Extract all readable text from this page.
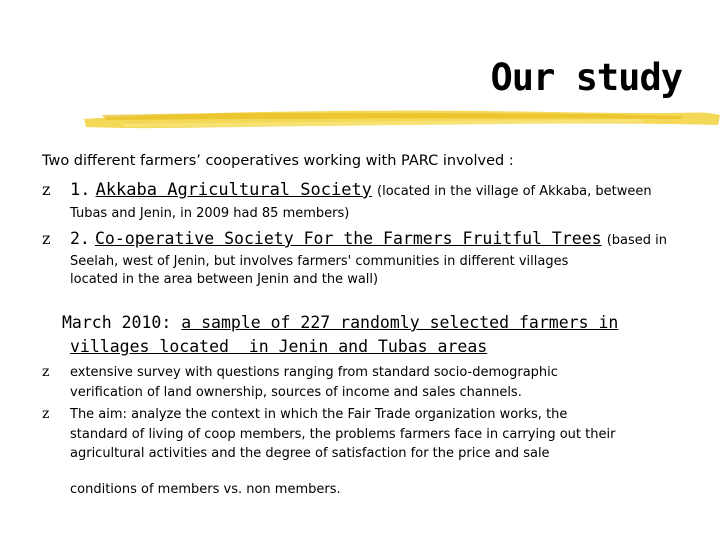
Our study
Two different farmers’ cooperatives working with PARC involved :
z 1. Akkaba Agricultural Society (located in the village of Akkaba, between
Tubas and Jenin, in 2009 had 85 members)
z 2. Co-operative Society For the Farmers Fruitful Trees (based in
Seelah, west of Jenin, but involves farmers' communities in different villages
located in the area between Jenin and the wall)
March 2010: a sample of 227 randomly selected farmers in
villages located  in Jenin and Tubas areas
z extensive survey with questions ranging from standard socio-demographic
verification of land ownership, sources of income and sales channels.
z The aim: analyze the context in which the Fair Trade organization works, the
standard of living of coop members, the problems farmers face in carrying out their
agricultural activities and the degree of satisfaction for the price and sale
conditions of members vs. non members.
